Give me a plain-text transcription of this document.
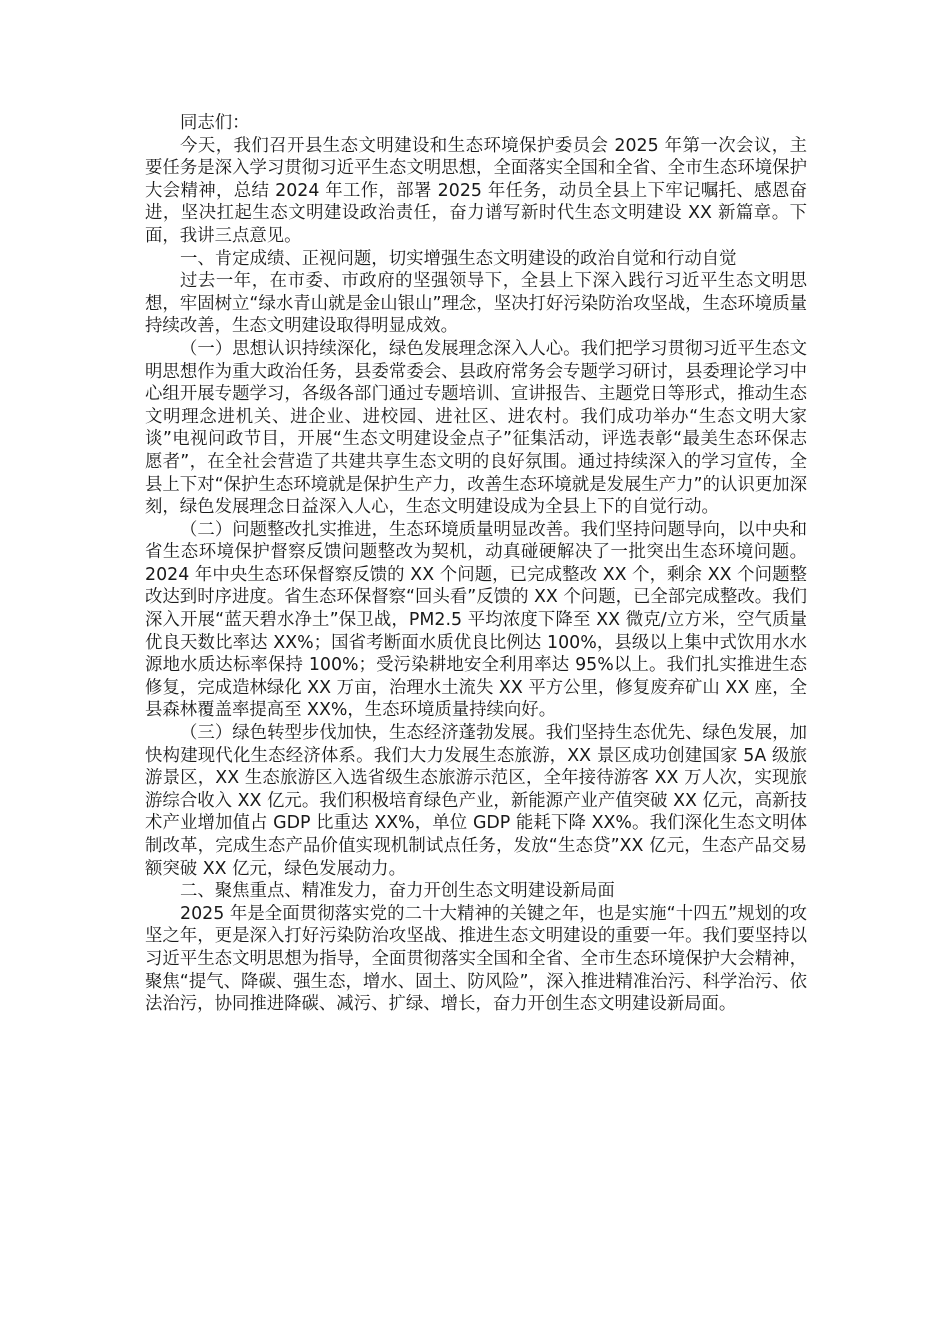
同志们：

今天，我们召开县生态文明建设和生态环境保护委员会 2025 年第一次会议，主要任务是深入学习贯彻习近平生态文明思想，全面落实全国和全省、全市生态环境保护大会精神，总结 2024 年工作，部署 2025 年任务，动员全县上下牢记嘱托、感恩奋进，坚决扛起生态文明建设政治责任，奋力谱写新时代生态文明建设 XX 新篇章。下面，我讲三点意见。

一、肯定成绩、正视问题，切实增强生态文明建设的政治自觉和行动自觉

过去一年，在市委、市政府的坚强领导下，全县上下深入践行习近平生态文明思想，牢固树立“绿水青山就是金山银山”理念，坚决打好污染防治攻坚战，生态环境质量持续改善，生态文明建设取得明显成效。

（一）思想认识持续深化，绿色发展理念深入人心。我们把学习贯彻习近平生态文明思想作为重大政治任务，县委常委会、县政府常务会专题学习研讨，县委理论学习中心组开展专题学习，各级各部门通过专题培训、宣讲报告、主题党日等形式，推动生态文明理念进机关、进企业、进校园、进社区、进农村。我们成功举办“生态文明大家谈”电视问政节目，开展“生态文明建设金点子”征集活动，评选表彰“最美生态环保志愿者”，在全社会营造了共建共享生态文明的良好氛围。通过持续深入的学习宣传，全县上下对“保护生态环境就是保护生产力，改善生态环境就是发展生产力”的认识更加深刻，绿色发展理念日益深入人心，生态文明建设成为全县上下的自觉行动。

（二）问题整改扎实推进，生态环境质量明显改善。我们坚持问题导向，以中央和省生态环境保护督察反馈问题整改为契机，动真碰硬解决了一批突出生态环境问题。2024 年中央生态环保督察反馈的 XX 个问题，已完成整改 XX 个，剩余 XX 个问题整改达到时序进度。省生态环保督察“回头看”反馈的 XX 个问题，已全部完成整改。我们深入开展“蓝天碧水净土”保卫战，PM2.5 平均浓度下降至 XX 微克/立方米，空气质量优良天数比率达 XX%；国省考断面水质优良比例达 100%，县级以上集中式饮用水水源地水质达标率保持 100%；受污染耕地安全利用率达 95%以上。我们扎实推进生态修复，完成造林绿化 XX 万亩，治理水土流失 XX 平方公里，修复废弃矿山 XX 座，全县森林覆盖率提高至 XX%，生态环境质量持续向好。

（三）绿色转型步伐加快，生态经济蓬勃发展。我们坚持生态优先、绿色发展，加快构建现代化生态经济体系。我们大力发展生态旅游，XX 景区成功创建国家 5A 级旅游景区，XX 生态旅游区入选省级生态旅游示范区，全年接待游客 XX 万人次，实现旅游综合收入 XX 亿元。我们积极培育绿色产业，新能源产业产值突破 XX 亿元，高新技术产业增加值占 GDP 比重达 XX%，单位 GDP 能耗下降 XX%。我们深化生态文明体制改革，完成生态产品价值实现机制试点任务，发放“生态贷”XX 亿元，生态产品交易额突破 XX 亿元，绿色发展动力。

二、聚焦重点、精准发力，奋力开创生态文明建设新局面

2025 年是全面贯彻落实党的二十大精神的关键之年，也是实施“十四五”规划的攻坚之年，更是深入打好污染防治攻坚战、推进生态文明建设的重要一年。我们要坚持以习近平生态文明思想为指导，全面贯彻落实全国和全省、全市生态环境保护大会精神，聚焦“提气、降碳、强生态，增水、固土、防风险”，深入推进精准治污、科学治污、依法治污，协同推进降碳、减污、扩绿、增长，奋力开创生态文明建设新局面。
